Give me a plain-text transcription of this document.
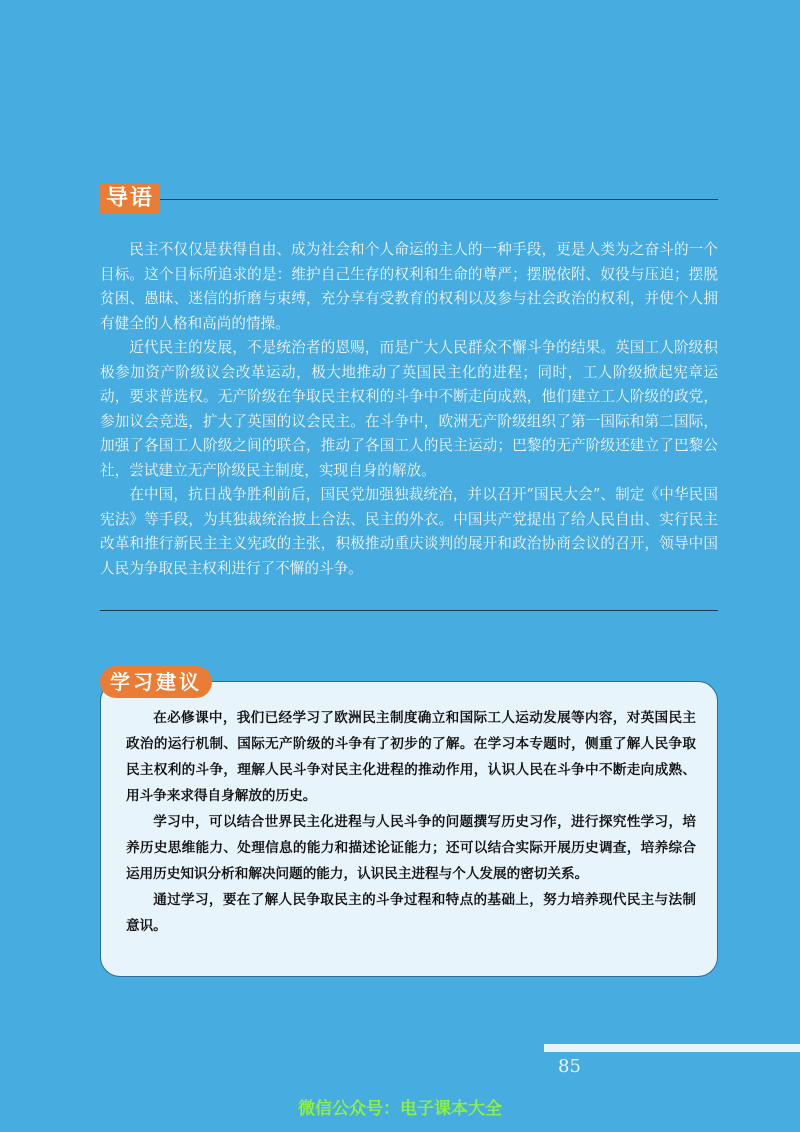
导语

民主不仅仅是获得自由、成为社会和个人命运的主人的一种手段，更是人类为之奋斗的一个目标。这个目标所追求的是：维护自己生存的权利和生命的尊严；摆脱依附、奴役与压迫；摆脱贫困、愚昧、迷信的折磨与束缚，充分享有受教育的权利以及参与社会政治的权利，并使个人拥有健全的人格和高尚的情操。

近代民主的发展，不是统治者的恩赐，而是广大人民群众不懈斗争的结果。英国工人阶级积极参加资产阶级议会改革运动，极大地推动了英国民主化的进程；同时，工人阶级掀起宪章运动，要求普选权。无产阶级在争取民主权利的斗争中不断走向成熟，他们建立工人阶级的政党，参加议会竞选，扩大了英国的议会民主。在斗争中，欧洲无产阶级组织了第一国际和第二国际，加强了各国工人阶级之间的联合，推动了各国工人的民主运动；巴黎的无产阶级还建立了巴黎公社，尝试建立无产阶级民主制度，实现自身的解放。

在中国，抗日战争胜利前后，国民党加强独裁统治，并以召开“国民大会”、制定《中华民国宪法》等手段，为其独裁统治披上合法、民主的外衣。中国共产党提出了给人民自由、实行民主改革和推行新民主主义宪政的主张，积极推动重庆谈判的展开和政治协商会议的召开，领导中国人民为争取民主权利进行了不懈的斗争。

学习建议

在必修课中，我们已经学习了欧洲民主制度确立和国际工人运动发展等内容，对英国民主政治的运行机制、国际无产阶级的斗争有了初步的了解。在学习本专题时，侧重了解人民争取民主权利的斗争，理解人民斗争对民主化进程的推动作用，认识人民在斗争中不断走向成熟、用斗争来求得自身解放的历史。

学习中，可以结合世界民主化进程与人民斗争的问题撰写历史习作，进行探究性学习，培养历史思维能力、处理信息的能力和描述论证能力；还可以结合实际开展历史调查，培养综合运用历史知识分析和解决问题的能力，认识民主进程与个人发展的密切关系。

通过学习，要在了解人民争取民主的斗争过程和特点的基础上，努力培养现代民主与法制意识。

85
微信公众号：电子课本大全
